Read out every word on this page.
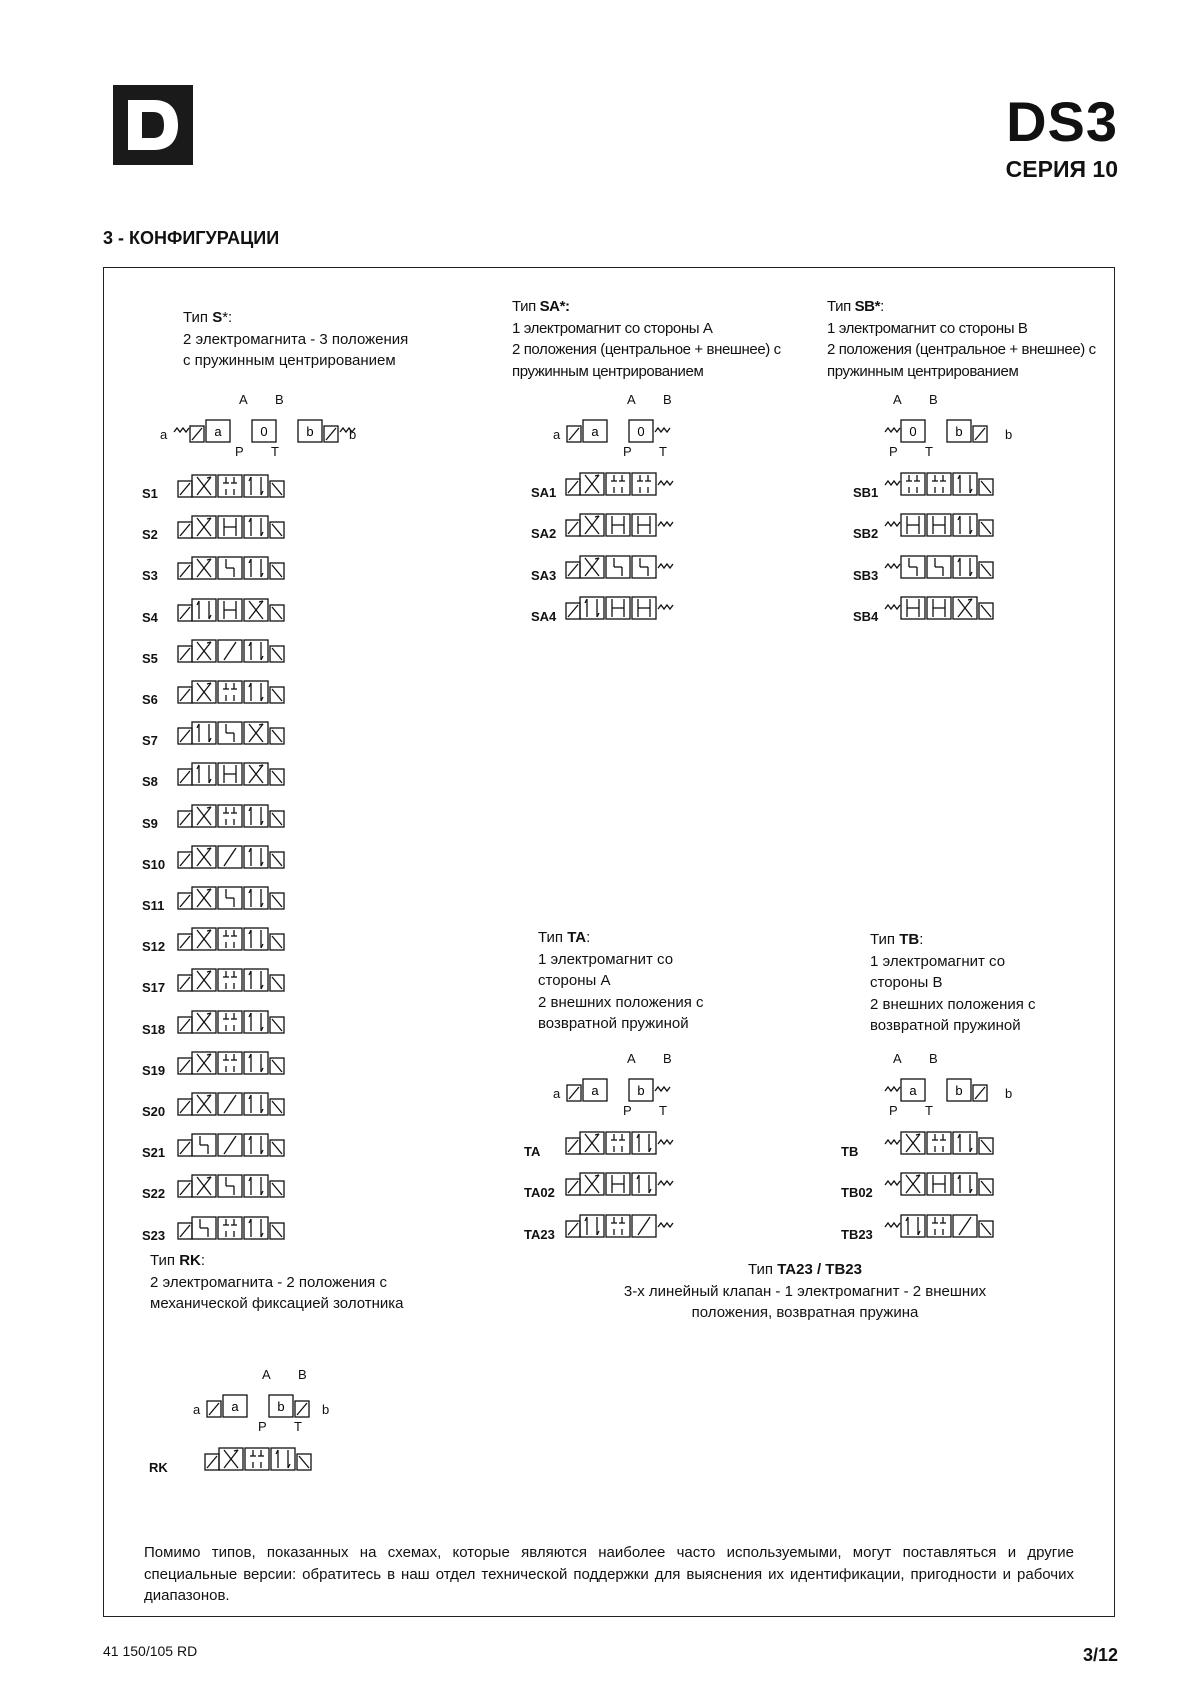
DS3
СЕРИЯ 10
3 - КОНФИГУРАЦИИ
Тип S*:
2 электромагнита - 3 положения
с пружинным центрированием
Тип SA*:
1 электромагнит со стороны А
2 положения (центральное + внешнее) с
пружинным центрированием
Тип SB*:
1 электромагнит со стороны В
2 положения (центральное + внешнее) с
пружинным центрированием
Тип TA:
1 электромагнит со
стороны А
2 внешних положения с
возвратной пружиной
Тип TB:
1 электромагнит со
стороны В
2 внешних положения с
возвратной пружиной
Тип RK:
2 электромагнита - 2 положения с
механической фиксацией золотника
Тип TA23 / TB23
3-х линейный клапан - 1 электромагнит - 2 внешних
положения, возвратная пружина
A B
P T
a	b
a	0	b
S1
S2
S3
S4
S5
S6
S7
S8
S9
S10
S11
S12
S17
S18
S19
S20
S21
S22
S23
A B
P T
a a	0
SA1
SA2
SA3
SA4
A B
P T
b
0	b
SB1
SB2
SB3
SB4
A B
P T
a a	b
TA
TA02
TA23
A B
P T
b
a	b
TB
TB02
TB23
A B
P T
a	b
a	b
RK
Помимо типов, показанных на схемах, которые являются наиболее часто используемыми, могут поставляться и другие специальные версии: обратитесь в наш отдел технической поддержки для выяснения их идентификации, пригодности и рабочих диапазонов.
41 150/105 RD	3/12
